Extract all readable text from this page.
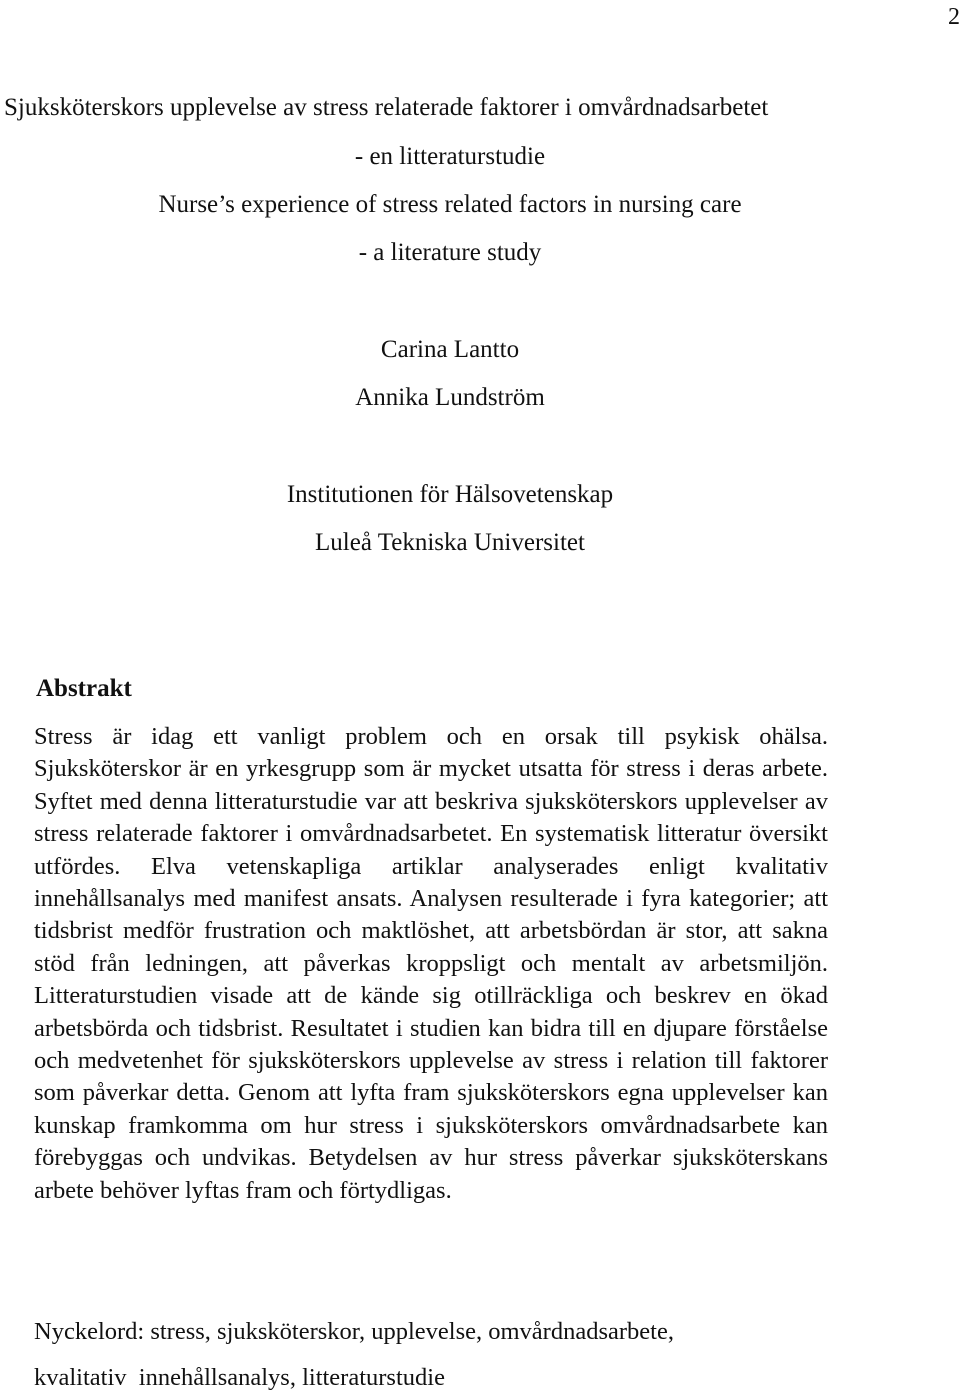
2
Sjuksköterskors upplevelse av stress relaterade faktorer i omvårdnadsarbetet
- en litteraturstudie
Nurse’s experience of stress related factors in nursing care
- a literature study
Carina Lantto
Annika Lundström
Institutionen för Hälsovetenskap
Luleå Tekniska Universitet
Abstrakt

Stress är idag ett vanligt problem och en orsak till psykisk ohälsa. Sjuksköterskor är en yrkesgrupp som är mycket utsatta för stress i deras arbete. Syftet med denna litteraturstudie var att beskriva sjuksköterskors upplevelser av stress relaterade faktorer i omvårdnadsarbetet. En systematisk litteratur översikt utfördes. Elva vetenskapliga artiklar analyserades enligt kvalitativ innehållsanalys med manifest ansats. Analysen resulterade i fyra kategorier; att tidsbrist medför frustration och maktlöshet, att arbetsbördan är stor, att sakna stöd från ledningen, att påverkas kroppsligt och mentalt av arbetsmiljön. Litteraturstudien visade att de kände sig otillräckliga och beskrev en ökad arbetsbörda och tidsbrist. Resultatet i studien kan bidra till en djupare förståelse och medvetenhet för sjuksköterskors upplevelse av stress i relation till faktorer som påverkar detta. Genom att lyfta fram sjuksköterskors egna upplevelser kan kunskap framkomma om hur stress i sjuksköterskors omvårdnadsarbete kan förebyggas och undvikas. Betydelsen av hur stress påverkar sjuksköterskans arbete behöver lyftas fram och förtydligas.

Nyckelord: stress, sjuksköterskor, upplevelse, omvårdnadsarbete,
kvalitativ  innehållsanalys, litteraturstudie
